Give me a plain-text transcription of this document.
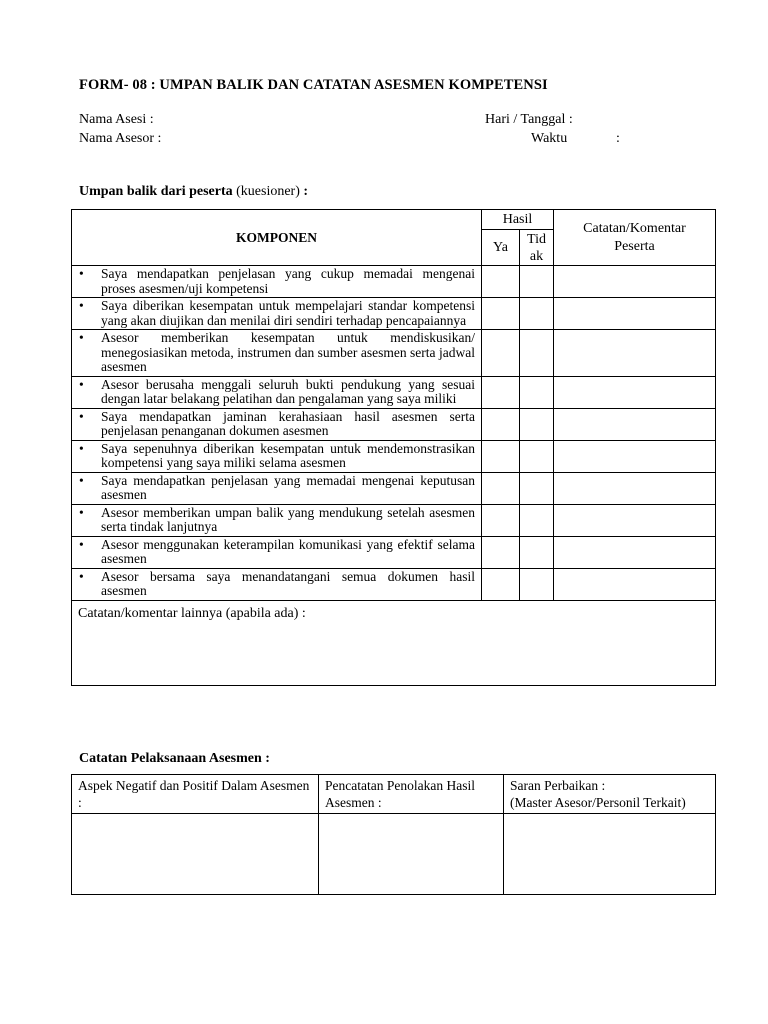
FORM- 08 : UMPAN BALIK DAN CATATAN ASESMEN KOMPETENSI
Nama Asesi :
Nama Asesor :
Hari / Tanggal :
Waktu	:
Umpan balik dari peserta (kuesioner) :
KOMPONEN	Hasil		Catatan/Komentar Peserta

	Ya	Tid ak	

• Saya mendapatkan penjelasan yang cukup memadai mengenai proses asesmen/uji kompetensi			

• Saya diberikan kesempatan untuk mempelajari standar kompetensi yang akan diujikan dan menilai diri sendiri terhadap pencapaiannya			

• Asesor memberikan kesempatan untuk mendiskusikan/ menegosiasikan metoda, instrumen dan sumber asesmen serta jadwal asesmen			

• Asesor berusaha menggali seluruh bukti pendukung yang sesuai dengan latar belakang pelatihan dan pengalaman yang saya miliki			

• Saya mendapatkan jaminan kerahasiaan hasil asesmen serta penjelasan penanganan dokumen asesmen			

• Saya sepenuhnya diberikan kesempatan untuk mendemonstrasikan kompetensi yang saya miliki selama asesmen			

• Saya mendapatkan penjelasan yang memadai mengenai keputusan asesmen			

• Asesor memberikan umpan balik yang mendukung setelah asesmen serta tindak lanjutnya			

• Asesor menggunakan keterampilan komunikasi yang efektif selama asesmen			

• Asesor bersama saya menandatangani semua dokumen hasil asesmen			

Catatan/komentar lainnya (apabila ada) :			
Catatan Pelaksanaan Asesmen :
Aspek Negatif dan Positif Dalam Asesmen :	Pencatatan Penolakan Hasil Asesmen :	Saran Perbaikan :
(Master Asesor/Personil Terkait)
